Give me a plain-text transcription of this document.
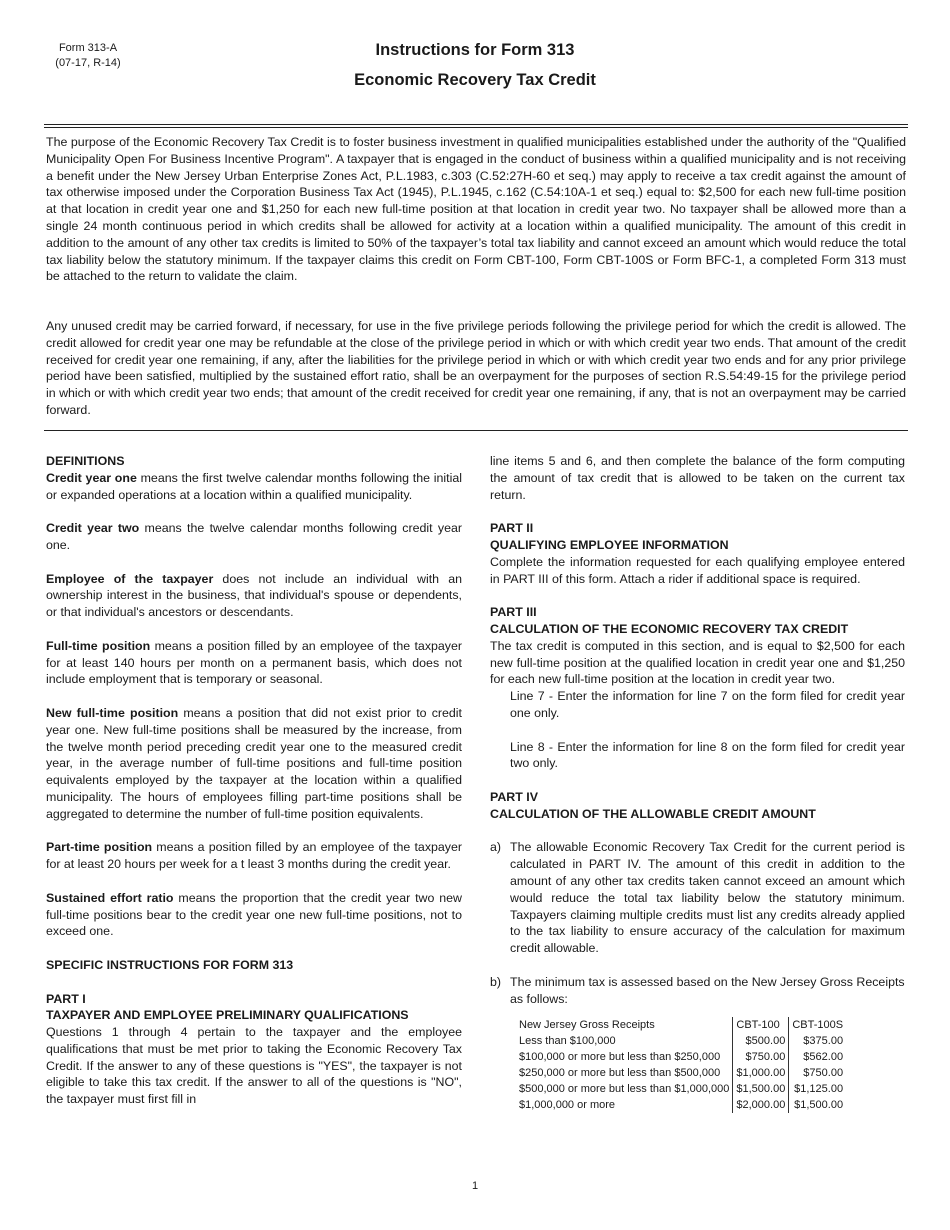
Form 313-A
(07-17, R-14)
Instructions for Form 313
Economic Recovery Tax Credit

The purpose of the Economic Recovery Tax Credit is to foster business investment in qualified municipalities established under the authority of the "Qualified Municipality Open For Business Incentive Program". A taxpayer that is engaged in the conduct of business within a qualified municipality and is not receiving a benefit under the New Jersey Urban Enterprise Zones Act, P.L.1983, c.303 (C.52:27H-60 et seq.) may apply to receive a tax credit against the amount of tax otherwise imposed under the Corporation Business Tax Act (1945), P.L.1945, c.162 (C.54:10A-1 et seq.) equal to: $2,500 for each new full-time position at that location in credit year one and $1,250 for each new full-time position at that location in credit year two. No taxpayer shall be allowed more than a single 24 month continuous period in which credits shall be allowed for activity at a location within a qualified municipality. The amount of this credit in addition to the amount of any other tax credits is limited to 50% of the taxpayer’s total tax liability and cannot exceed an amount which would reduce the total tax liability below the statutory minimum. If the taxpayer claims this credit on Form CBT-100, Form CBT-100S or Form BFC-1, a completed Form 313 must be attached to the return to validate the claim.

Any unused credit may be carried forward, if necessary, for use in the five privilege periods following the privilege period for which the credit is allowed. The credit allowed for credit year one may be refundable at the close of the privilege period in which or with which credit year two ends. That amount of the credit received for credit year one remaining, if any, after the liabilities for the privilege period in which or with which credit year two ends and for any prior privilege period have been satisfied, multiplied by the sustained effort ratio, shall be an overpayment for the purposes of section R.S.54:49-15 for the privilege period in which or with which credit year two ends; that amount of the credit received for credit year one remaining, if any, that is not an overpayment may be carried forward.

DEFINITIONS

Credit year one means the first twelve calendar months following the initial or expanded operations at a location within a qualified municipality.

Credit year two means the twelve calendar months following credit year one.

Employee of the taxpayer does not include an individual with an ownership interest in the business, that individual's spouse or dependents, or that individual's ancestors or descendants.

Full-time position means a position filled by an employee of the taxpayer for at least 140 hours per month on a permanent basis, which does not include employment that is temporary or seasonal.

New full-time position means a position that did not exist prior to credit year one. New full-time positions shall be measured by the increase, from the twelve month period preceding credit year one to the measured credit year, in the average number of full-time positions and full-time position equivalents employed by the taxpayer at the location within a qualified municipality. The hours of employees filling part-time positions shall be aggregated to determine the number of full-time position equivalents.

Part-time position means a position filled by an employee of the taxpayer for at least 20 hours per week for a t least 3 months during the credit year.

Sustained effort ratio means the proportion that the credit year two new full-time positions bear to the credit year one new full-time positions, not to exceed one.

SPECIFIC INSTRUCTIONS FOR FORM 313

PART I
TAXPAYER AND EMPLOYEE PRELIMINARY QUALIFICATIONS

Questions 1 through 4 pertain to the taxpayer and the employee qualifications that must be met prior to taking the Economic Recovery Tax Credit. If the answer to any of these questions is "YES", the taxpayer is not eligible to take this tax credit. If the answer to all of the questions is "NO", the taxpayer must first fill in

line items 5 and 6, and then complete the balance of the form computing the amount of tax credit that is allowed to be taken on the current tax return.

PART II
QUALIFYING EMPLOYEE INFORMATION

Complete the information requested for each qualifying employee entered in PART III of this form. Attach a rider if additional space is required.

PART III
CALCULATION OF THE ECONOMIC RECOVERY TAX CREDIT

The tax credit is computed in this section, and is equal to $2,500 for each new full-time position at the qualified location in credit year one and $1,250 for each new full-time position at the location in credit year two.

Line 7 - Enter the information for line 7 on the form filed for credit year one only.

Line 8 - Enter the information for line 8 on the form filed for credit year two only.

PART IV
CALCULATION OF THE ALLOWABLE CREDIT AMOUNT
a) The allowable Economic Recovery Tax Credit for the current period is calculated in PART IV. The amount of this credit in addition to the amount of any other tax credits taken cannot exceed an amount which would reduce the total tax liability below the statutory minimum. Taxpayers claiming multiple credits must list any credits already applied to the tax liability to ensure accuracy of the calculation for maximum credit allowable.
b) The minimum tax is assessed based on the New Jersey Gross Receipts as follows:
New Jersey Gross Receipts	CBT-100	CBT-100S
Less than $100,000	$500.00	$375.00
$100,000 or more but less than $250,000	$750.00	$562.00
$250,000 or more but less than $500,000	$1,000.00	$750.00
$500,000 or more but less than $1,000,000	$1,500.00	$1,125.00
$1,000,000 or more	$2,000.00	$1,500.00
1
